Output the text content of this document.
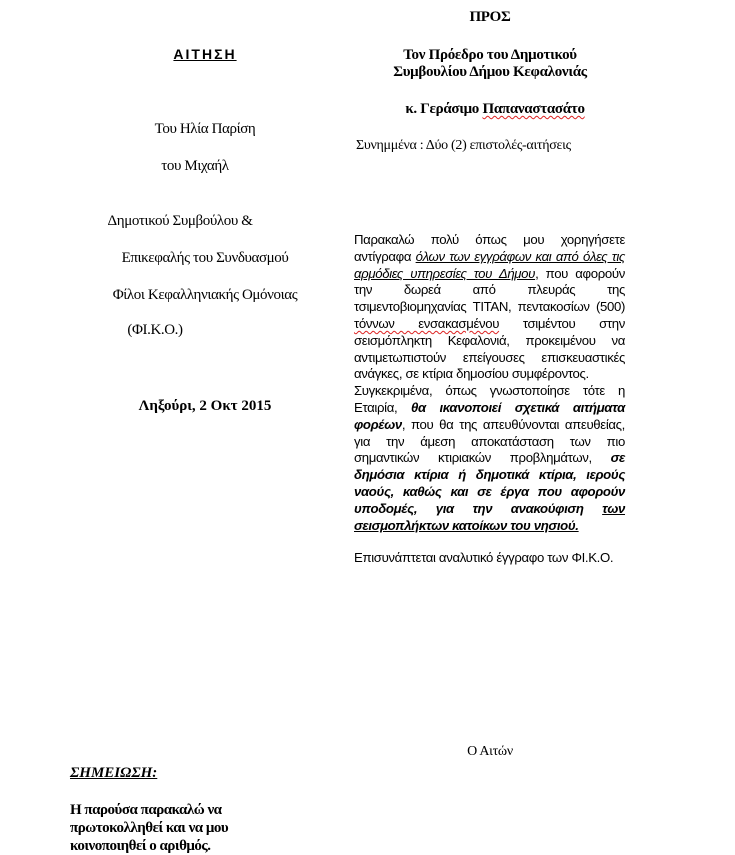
ΑΙΤΗΣΗ
Του Ηλία Παρίση
του Μιχαήλ
Δημοτικού Συμβούλου &
Επικεφαλής του Συνδυασμού
Φίλοι Κεφαλληνιακής Ομόνοιας
(ΦΙ.Κ.Ο.)
Ληξούρι, 2 Οκτ 2015
ΣΗΜΕΙΩΣΗ:
Η παρούσα παρακαλώ να
πρωτοκολληθεί και να μου
κοινοποιηθεί ο αριθμός.
ΠΡΟΣ
Τον Πρόεδρο του Δημοτικού
Συμβουλίου Δήμου Κεφαλονιάς
κ. Γεράσιμο Παπαναστασάτο
Συνημμένα : Δύο (2) επιστολές-αιτήσεις

Παρακαλώ πολύ όπως μου χορηγήσετε αντίγραφα όλων των εγγράφων και από όλες τις αρμόδιες υπηρεσίες του Δήμου, που αφορούν την δωρεά από πλευράς της τσιμεντοβιομηχανίας TITAN, πεντακοσίων (500) τόννων ενσακασμένου τσιμέντου στην σεισμόπληκτη Κεφαλονιά, προκειμένου να αντιμετωπιστούν επείγουσες επισκευαστικές ανάγκες, σε κτίρια δημοσίου συμφέροντος.

Συγκεκριμένα, όπως γνωστοποίησε τότε η Εταιρία, θα ικανοποιεί σχετικά αιτήματα φορέων, που θα της απευθύνονται απευθείας, για την άμεση αποκατάσταση των πιο σημαντικών κτιριακών προβλημάτων, σε δημόσια κτίρια ή δημοτικά κτίρια, ιερούς ναούς, καθώς και σε έργα που αφορούν υποδομές, για την ανακούφιση των σεισμοπλήκτων κατοίκων του νησιού.

Επισυνάπτεται αναλυτικό έγγραφο των ΦΙ.Κ.Ο.

Ο Αιτών
